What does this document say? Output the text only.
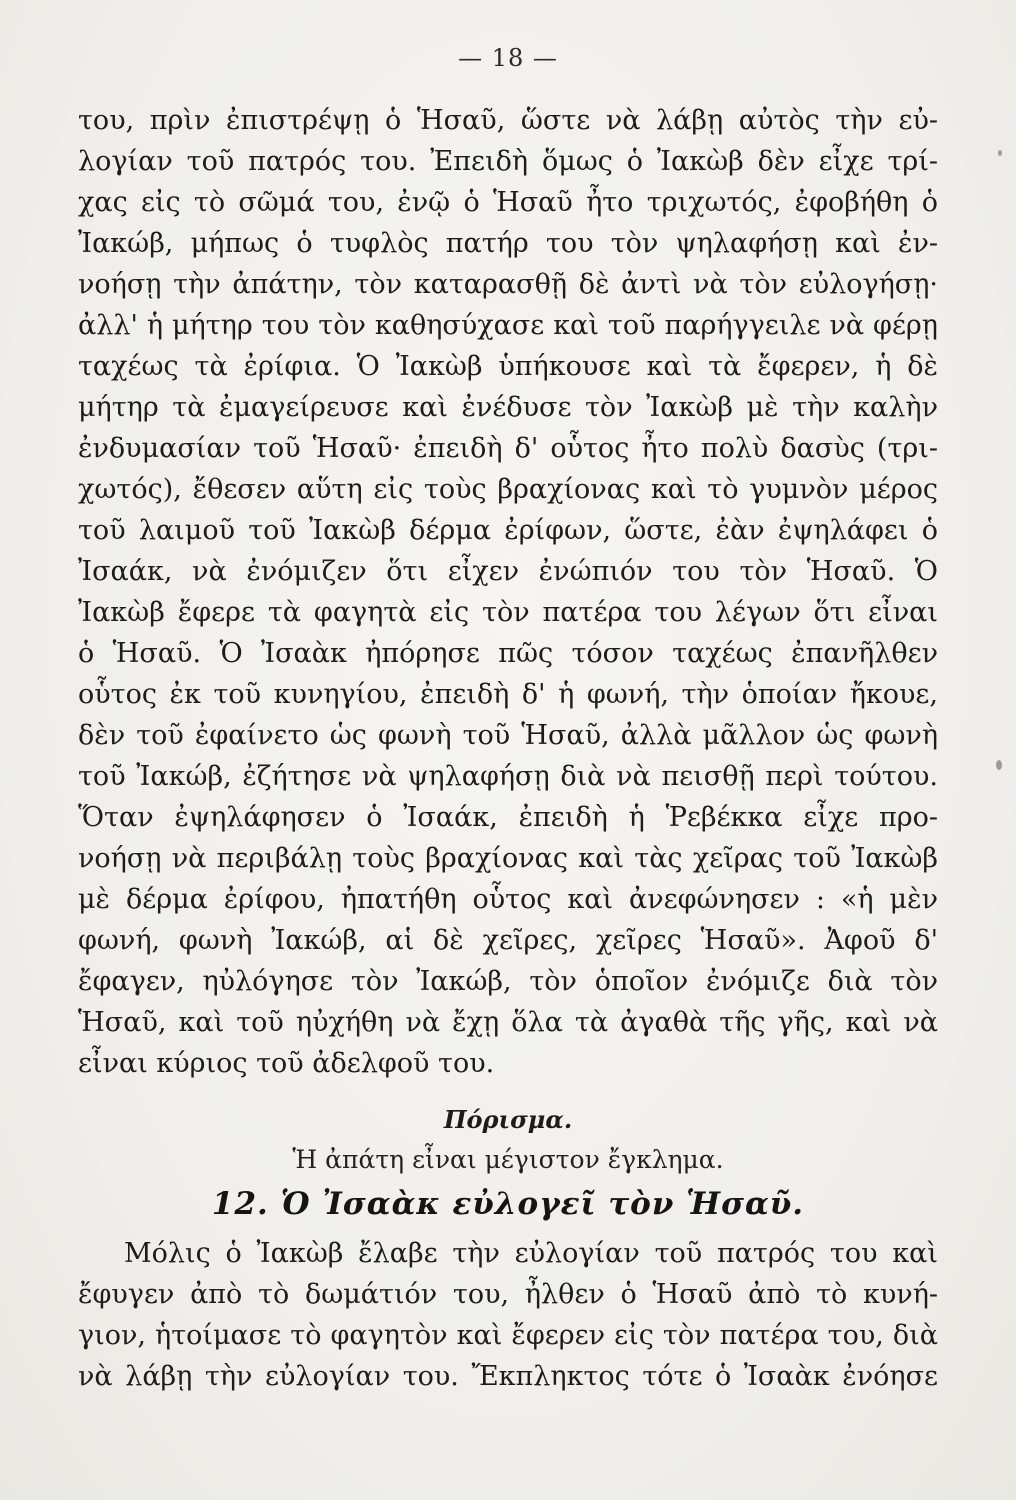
— 18 —
του, πρὶν ἐπιστρέψῃ ὁ Ἡσαῦ, ὥστε νὰ λάβῃ αὐτὸς τὴν εὐ-
λογίαν τοῦ πατρός του. Ἐπειδὴ ὅμως ὁ Ἰακὼβ δὲν εἶχε τρί-
χας εἰς τὸ σῶμά του, ἐνῷ ὁ Ἡσαῦ ἦτο τριχωτός, ἐφοβήθη ὁ
Ἰακώβ, μήπως ὁ τυφλὸς πατήρ του τὸν ψηλαφήσῃ καὶ ἐν-
νοήσῃ τὴν ἀπάτην, τὸν καταρασθῇ δὲ ἀντὶ νὰ τὸν εὐλογήσῃ·
ἀλλ' ἡ μήτηρ του τὸν καθησύχασε καὶ τοῦ παρήγγειλε νὰ φέρῃ
ταχέως τὰ ἐρίφια. Ὁ Ἰακὼβ ὑπήκουσε καὶ τὰ ἔφερεν, ἡ δὲ
μήτηρ τὰ ἐμαγείρευσε καὶ ἐνέδυσε τὸν Ἰακὼβ μὲ τὴν καλὴν
ἐνδυμασίαν τοῦ Ἡσαῦ· ἐπειδὴ δ' οὗτος ἦτο πολὺ δασὺς (τρι-
χωτός), ἔθεσεν αὕτη εἰς τοὺς βραχίονας καὶ τὸ γυμνὸν μέρος
τοῦ λαιμοῦ τοῦ Ἰακὼβ δέρμα ἐρίφων, ὥστε, ἐὰν ἐψηλάφει ὁ
Ἰσαάκ, νὰ ἐνόμιζεν ὅτι εἶχεν ἐνώπιόν του τὸν Ἡσαῦ. Ὁ
Ἰακὼβ ἔφερε τὰ φαγητὰ εἰς τὸν πατέρα του λέγων ὅτι εἶναι
ὁ Ἡσαῦ. Ὁ Ἰσαὰκ ἠπόρησε πῶς τόσον ταχέως ἐπανῆλθεν
οὗτος ἐκ τοῦ κυνηγίου, ἐπειδὴ δ' ἡ φωνή, τὴν ὁποίαν ἤκουε,
δὲν τοῦ ἐφαίνετο ὡς φωνὴ τοῦ Ἡσαῦ, ἀλλὰ μᾶλλον ὡς φωνὴ
τοῦ Ἰακώβ, ἐζήτησε νὰ ψηλαφήσῃ διὰ νὰ πεισθῇ περὶ τούτου.
Ὅταν ἐψηλάφησεν ὁ Ἰσαάκ, ἐπειδὴ ἡ Ῥεβέκκα εἶχε προ-
νοήσῃ νὰ περιβάλῃ τοὺς βραχίονας καὶ τὰς χεῖρας τοῦ Ἰακὼβ
μὲ δέρμα ἐρίφου, ἠπατήθη οὗτος καὶ ἀνεφώνησεν : «ἡ μὲν
φωνή, φωνὴ Ἰακώβ, αἱ δὲ χεῖρες, χεῖρες Ἡσαῦ». Ἀφοῦ δ'
ἔφαγεν, ηὐλόγησε τὸν Ἰακώβ, τὸν ὁποῖον ἐνόμιζε διὰ τὸν
Ἡσαῦ, καὶ τοῦ ηὐχήθη νὰ ἔχῃ ὅλα τὰ ἀγαθὰ τῆς γῆς, καὶ νὰ
εἶναι κύριος τοῦ ἀδελφοῦ του.
Πόρισμα.
Ἡ ἀπάτη εἶναι μέγιστον ἔγκλημα.
12. Ὁ Ἰσαὰκ εὐλογεῖ τὸν Ἡσαῦ.
Μόλις ὁ Ἰακὼβ ἔλαβε τὴν εὐλογίαν τοῦ πατρός του καὶ
ἔφυγεν ἀπὸ τὸ δωμάτιόν του, ἦλθεν ὁ Ἡσαῦ ἀπὸ τὸ κυνή-
γιον, ἡτοίμασε τὸ φαγητὸν καὶ ἔφερεν εἰς τὸν πατέρα του, διὰ
νὰ λάβῃ τὴν εὐλογίαν του. Ἔκπληκτος τότε ὁ Ἰσαὰκ ἐνόησε
